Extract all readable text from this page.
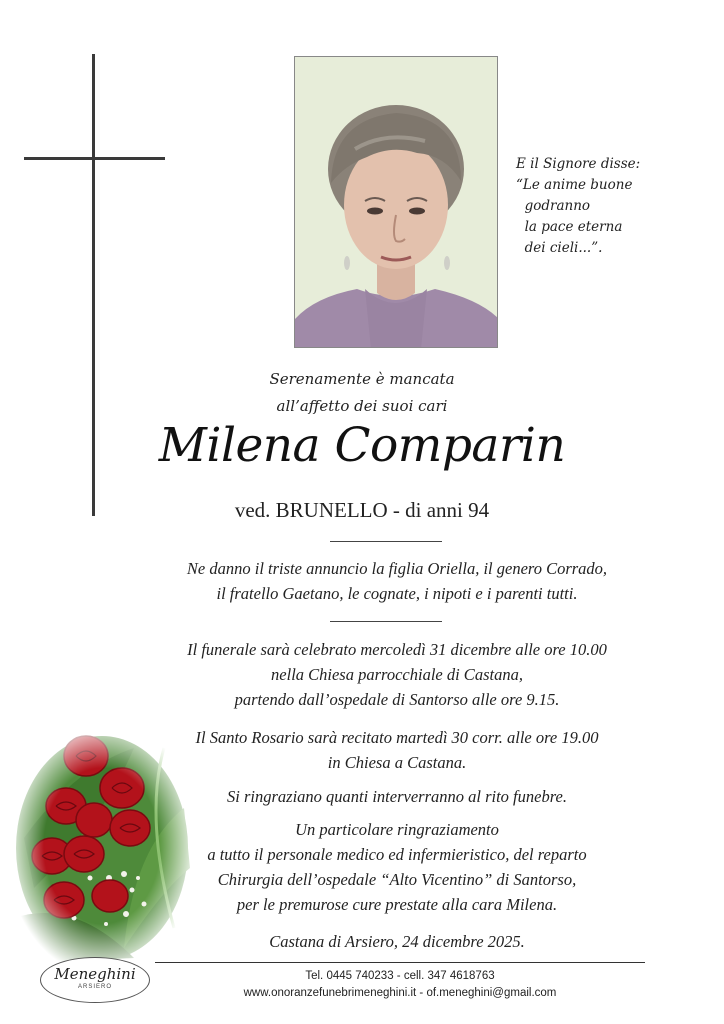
E il Signore disse:
“Le anime buone
godranno
la pace eterna
dei cieli...”.
Serenamente è mancata
all’affetto dei suoi cari
Milena Comparin
ved. BRUNELLO - di anni 94
Ne danno il triste annuncio la figlia Oriella, il genero Corrado,
il fratello Gaetano, le cognate, i nipoti e i parenti tutti.
Il funerale sarà celebrato mercoledì 31 dicembre alle ore 10.00
nella Chiesa parrocchiale di Castana,
partendo dall’ospedale di Santorso alle ore 9.15.
Il Santo Rosario sarà recitato martedì 30 corr. alle ore 19.00
in Chiesa a Castana.
Si ringraziano quanti interverranno al rito funebre.
Un particolare ringraziamento
a tutto il personale medico ed infermieristico, del reparto
Chirurgia dell’ospedale “Alto Vicentino” di Santorso,
per le premurose cure prestate alla cara Milena.
Castana di Arsiero, 24 dicembre 2025.
Tel. 0445 740233 - cell. 347 4618763
www.onoranzefunebrimeneghini.it - of.meneghini@gmail.com
Meneghini
ARSIERO
